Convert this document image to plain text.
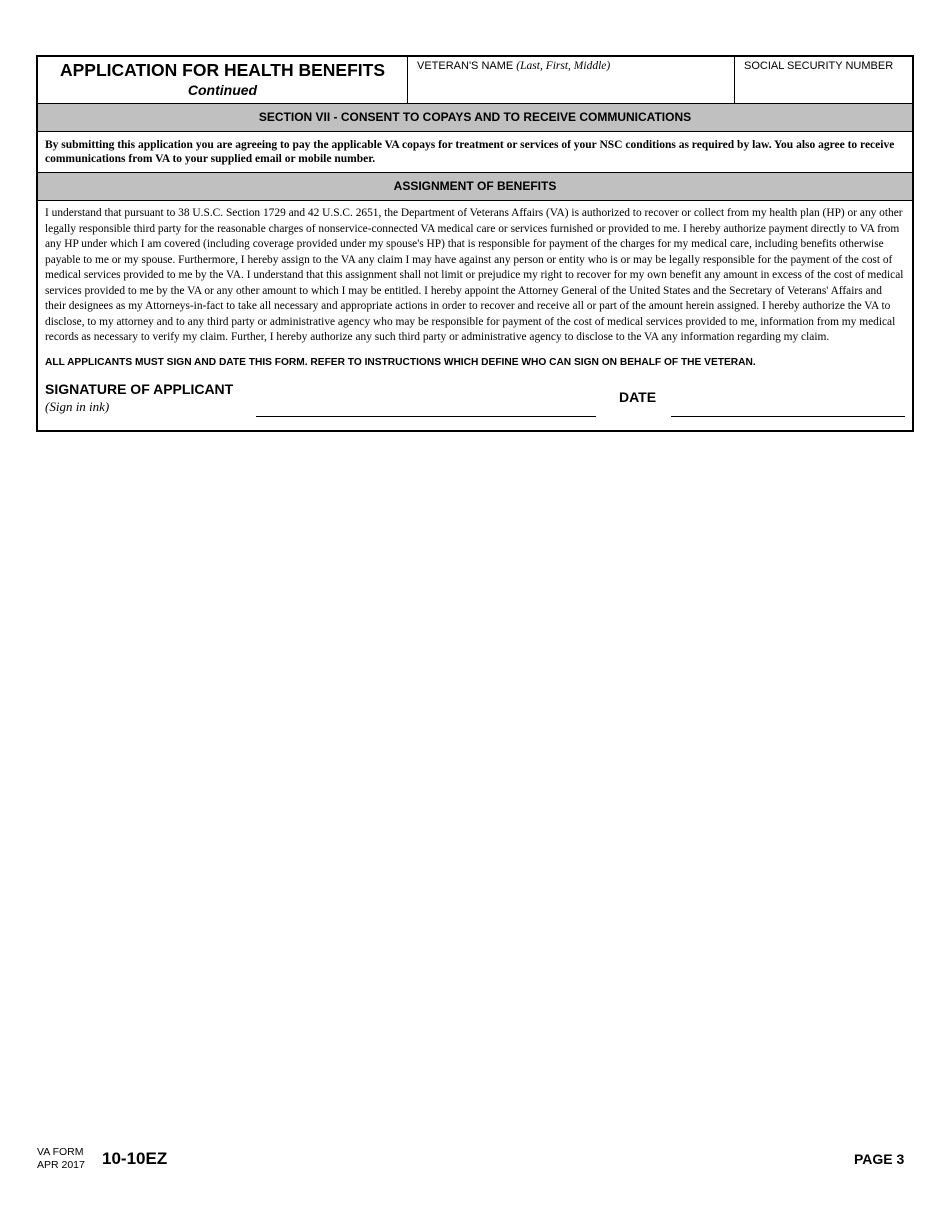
APPLICATION FOR HEALTH BENEFITS
Continued
VETERAN'S NAME (Last, First, Middle)	SOCIAL SECURITY NUMBER
SECTION VII - CONSENT TO COPAYS AND TO RECEIVE COMMUNICATIONS
By submitting this application you are agreeing to pay the applicable VA copays for treatment or services of your NSC conditions as required by law. You also agree to receive communications from VA to your supplied email or mobile number.
ASSIGNMENT OF BENEFITS
I understand that pursuant to 38 U.S.C. Section 1729 and 42 U.S.C. 2651, the Department of Veterans Affairs (VA) is authorized to recover or collect from my health plan (HP) or any other legally responsible third party for the reasonable charges of nonservice-connected VA medical care or services furnished or provided to me. I hereby authorize payment directly to VA from any HP under which I am covered (including coverage provided under my spouse's HP) that is responsible for payment of the charges for my medical care, including benefits otherwise payable to me or my spouse. Furthermore, I hereby assign to the VA any claim I may have against any person or entity who is or may be legally responsible for the payment of the cost of medical services provided to me by the VA. I understand that this assignment shall not limit or prejudice my right to recover for my own benefit any amount in excess of the cost of medical services provided to me by the VA or any other amount to which I may be entitled. I hereby appoint the Attorney General of the United States and the Secretary of Veterans' Affairs and their designees as my Attorneys-in-fact to take all necessary and appropriate actions in order to recover and receive all or part of the amount herein assigned. I hereby authorize the VA to disclose, to my attorney and to any third party or administrative agency who may be responsible for payment of the cost of medical services provided to me, information from my medical records as necessary to verify my claim. Further, I hereby authorize any such third party or administrative agency to disclose to the VA any information regarding my claim.
ALL APPLICANTS MUST SIGN AND DATE THIS FORM. REFER TO INSTRUCTIONS WHICH DEFINE WHO CAN SIGN ON BEHALF OF THE VETERAN.
SIGNATURE OF APPLICANT
(Sign in ink)
DATE
VA FORM
APR 2017 10-10EZ	PAGE 3
